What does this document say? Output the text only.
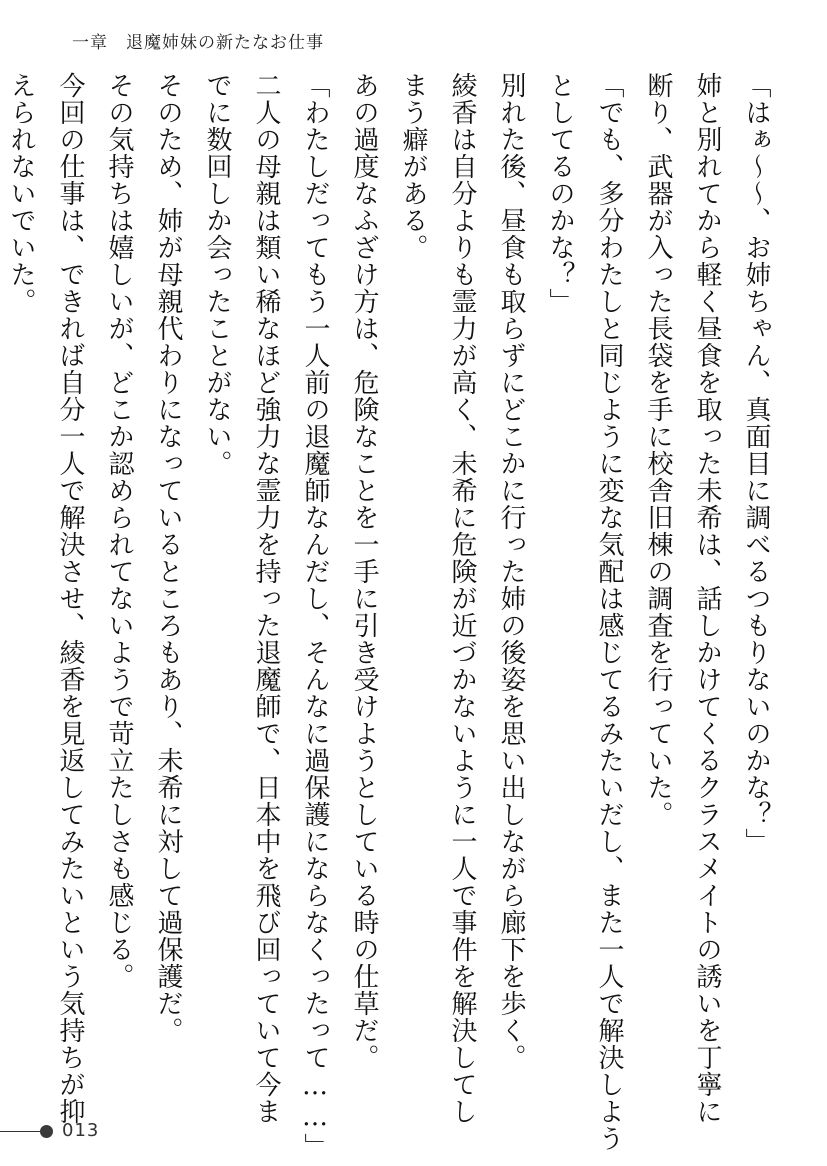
一章　退魔姉妹の新たなお仕事
「はぁ〜〜、お姉ちゃん、真面目に調べるつもりないのかな？」
姉と別れてから軽く昼食を取った未希は、話しかけてくるクラスメイトの誘いを丁寧に
断り、武器が入った長袋を手に校舎旧棟の調査を行っていた。
「でも、多分わたしと同じように変な気配は感じてるみたいだし、また一人で解決しよう
としてるのかな？」
別れた後、昼食も取らずにどこかに行った姉の後姿を思い出しながら廊下を歩く。
綾香は自分よりも霊力が高く、未希に危険が近づかないように一人で事件を解決してし
まう癖がある。
あの過度なふざけ方は、危険なことを一手に引き受けようとしている時の仕草だ。
「わたしだってもう一人前の退魔師なんだし、そんなに過保護にならなくったって……」
二人の母親は類い稀なほど強力な霊力を持った退魔師で、日本中を飛び回っていて今ま
でに数回しか会ったことがない。
そのため、姉が母親代わりになっているところもあり、未希に対して過保護だ。
その気持ちは嬉しいが、どこか認められてないようで苛立たしさも感じる。
今回の仕事は、できれば自分一人で解決させ、綾香を見返してみたいという気持ちが抑
えられないでいた。
013
